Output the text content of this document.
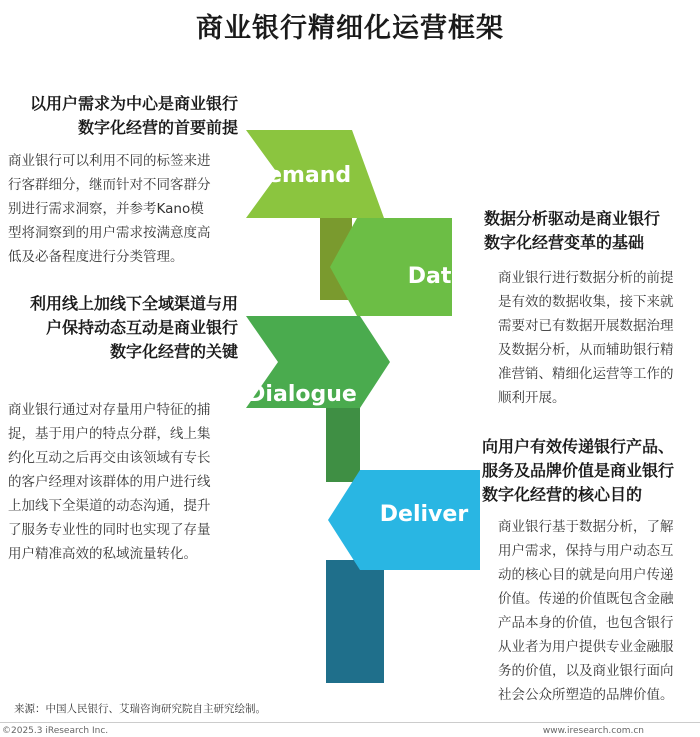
商业银行精细化运营框架
Demand
Data
Dialogue
Deliver
以用户需求为中心是商业银行
数字化经营的首要前提
商业银行可以利用不同的标签来进
行客群细分，继而针对不同客群分
别进行需求洞察，并参考Kano模
型将洞察到的用户需求按满意度高
低及必备程度进行分类管理。
数据分析驱动是商业银行
数字化经营变革的基础
商业银行进行数据分析的前提
是有效的数据收集，接下来就
需要对已有数据开展数据治理
及数据分析，从而辅助银行精
准营销、精细化运营等工作的
顺利开展。
利用线上加线下全域渠道与用
户保持动态互动是商业银行
数字化经营的关键
商业银行通过对存量用户特征的捕
捉，基于用户的特点分群，线上集
约化互动之后再交由该领域有专长
的客户经理对该群体的用户进行线
上加线下全渠道的动态沟通，提升
了服务专业性的同时也实现了存量
用户精准高效的私域流量转化。
向用户有效传递银行产品、
服务及品牌价值是商业银行
数字化经营的核心目的
商业银行基于数据分析，了解
用户需求，保持与用户动态互
动的核心目的就是向用户传递
价值。传递的价值既包含金融
产品本身的价值，也包含银行
从业者为用户提供专业金融服
务的价值，以及商业银行面向
社会公众所塑造的品牌价值。
来源：中国人民银行、艾瑞咨询研究院自主研究绘制。
©2025.3 iResearch Inc.	www.iresearch.com.cn
